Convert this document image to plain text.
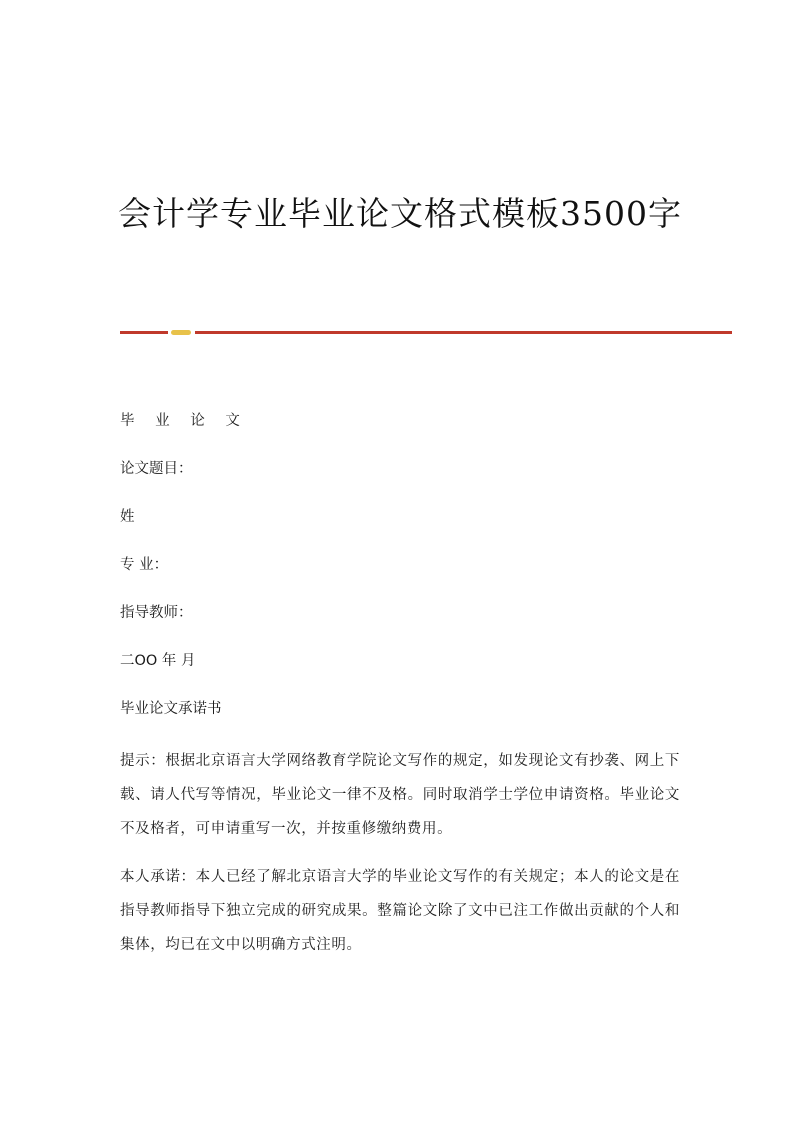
会计学专业毕业论文格式模板3500字

毕 业 论 文

论文题目：

姓

专 业：

指导教师：

二OO 年 月

毕业论文承诺书

提示：根据北京语言大学网络教育学院论文写作的规定，如发现论文有抄袭、网上下载、请人代写等情况，毕业论文一律不及格。同时取消学士学位申请资格。毕业论文不及格者，可申请重写一次，并按重修缴纳费用。

本人承诺：本人已经了解北京语言大学的毕业论文写作的有关规定；本人的论文是在指导教师指导下独立完成的研究成果。整篇论文除了文中已注工作做出贡献的个人和集体，均已在文中以明确方式注明。
